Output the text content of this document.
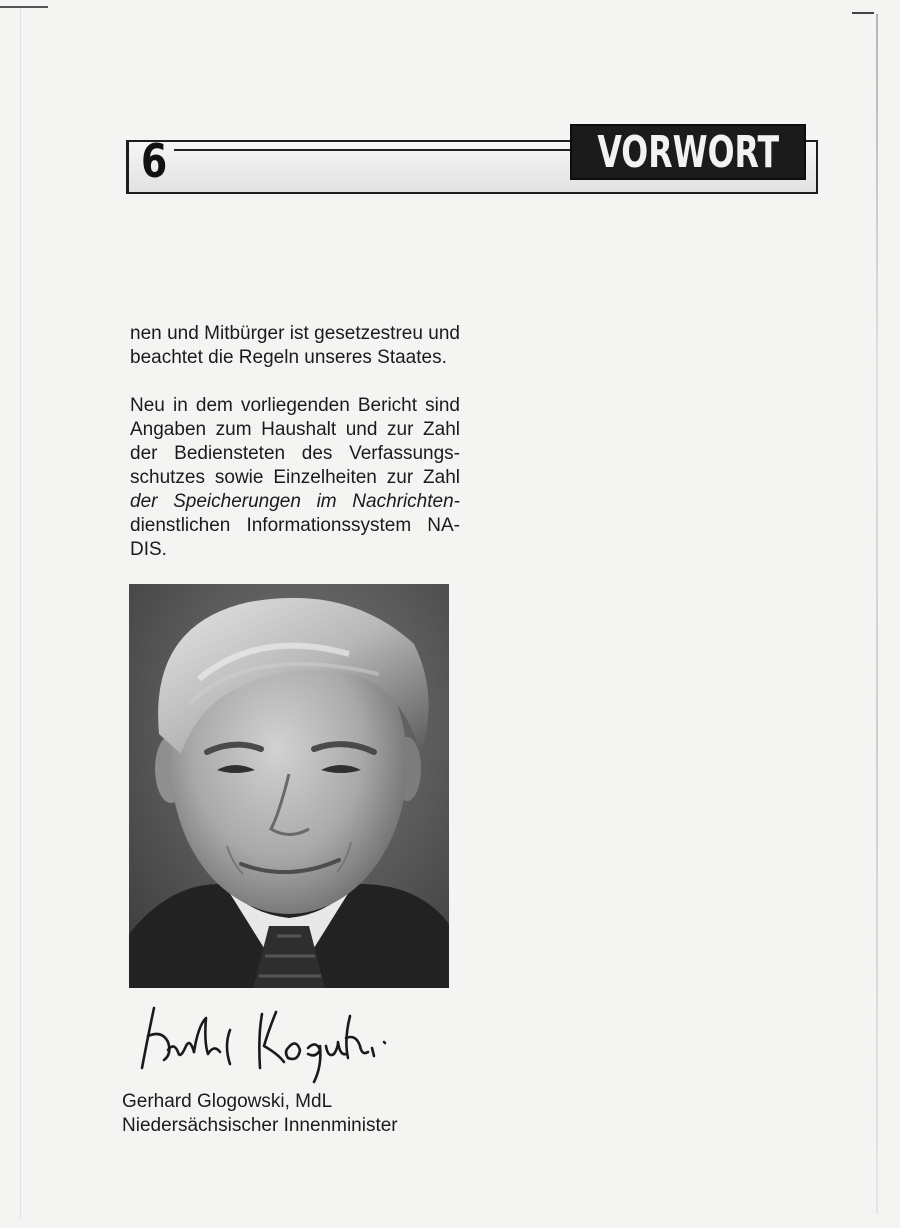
6	VORWORT

nen und Mitbürger ist gesetzestreu und
beachtet die Regeln unseres Staates.

Neu in dem vorliegenden Bericht sind
Angaben zum Haushalt und zur Zahl
der Bediensteten des Verfassungs-
schutzes sowie Einzelheiten zur Zahl
der Speicherungen im Nachrichten-
dienstlichen Informationssystem NA-
DIS.

Gerhard Glogowski, MdL
Niedersächsischer Innenminister
